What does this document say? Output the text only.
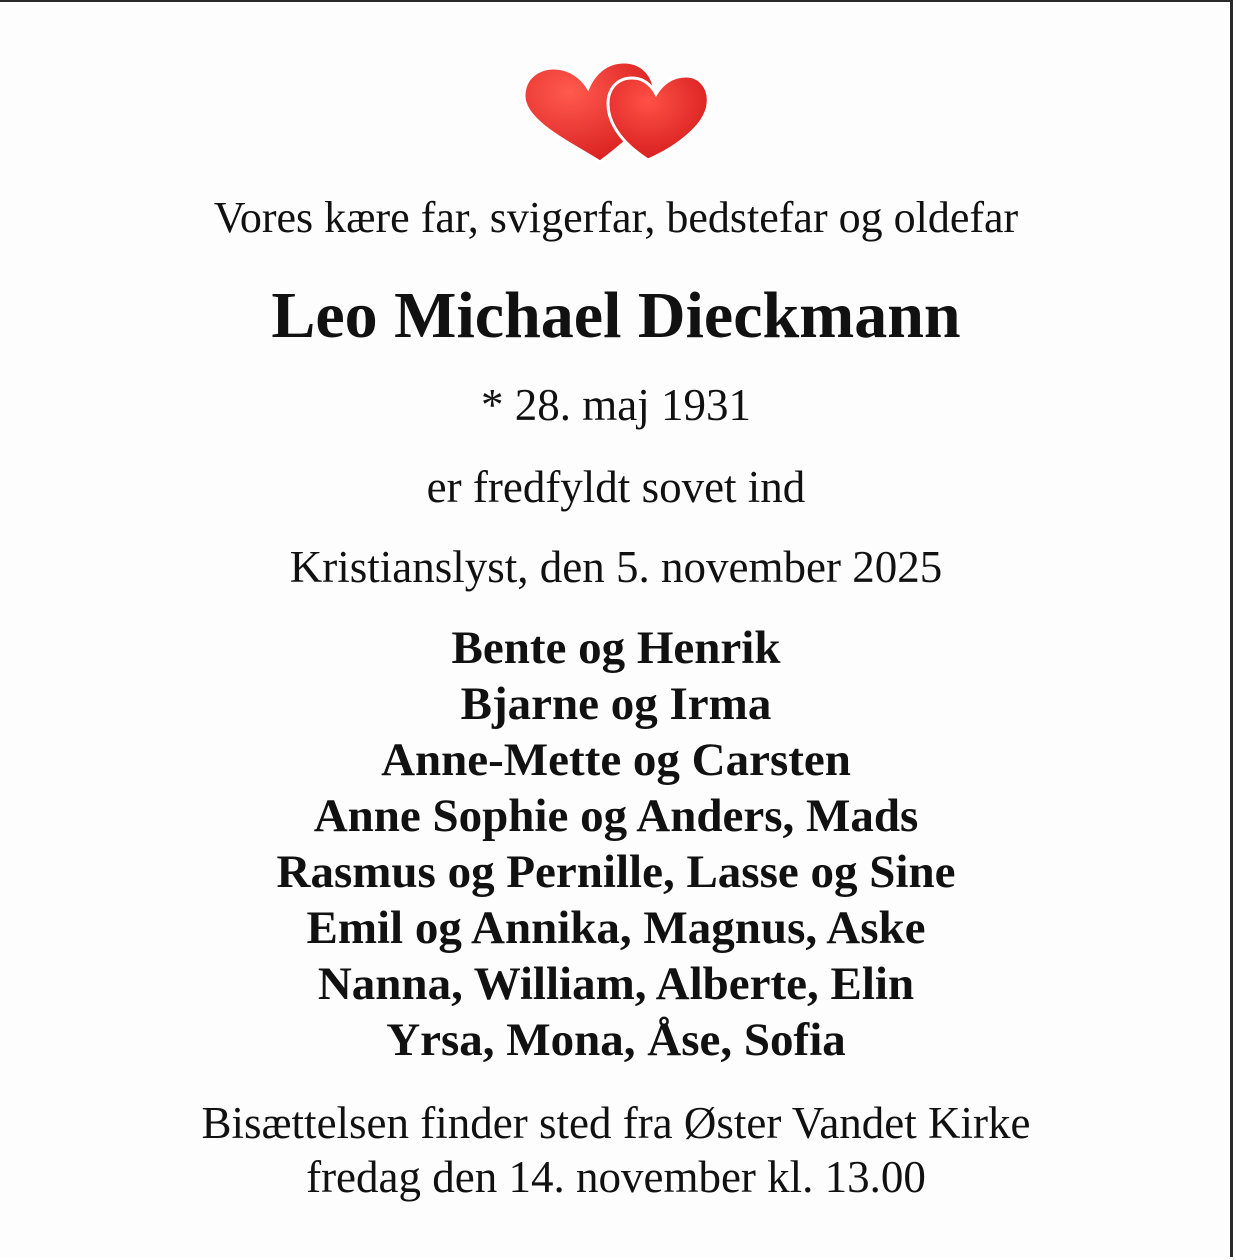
Vores kære far, svigerfar, bedstefar og oldefar
Leo Michael Dieckmann
* 28. maj 1931
er fredfyldt sovet ind
Kristianslyst, den 5. november 2025
Bente og Henrik
Bjarne og Irma
Anne-Mette og Carsten
Anne Sophie og Anders, Mads
Rasmus og Pernille, Lasse og Sine
Emil og Annika, Magnus, Aske
Nanna, William, Alberte, Elin
Yrsa, Mona, Åse, Sofia
Bisættelsen finder sted fra Øster Vandet Kirke
fredag den 14. november kl. 13.00
